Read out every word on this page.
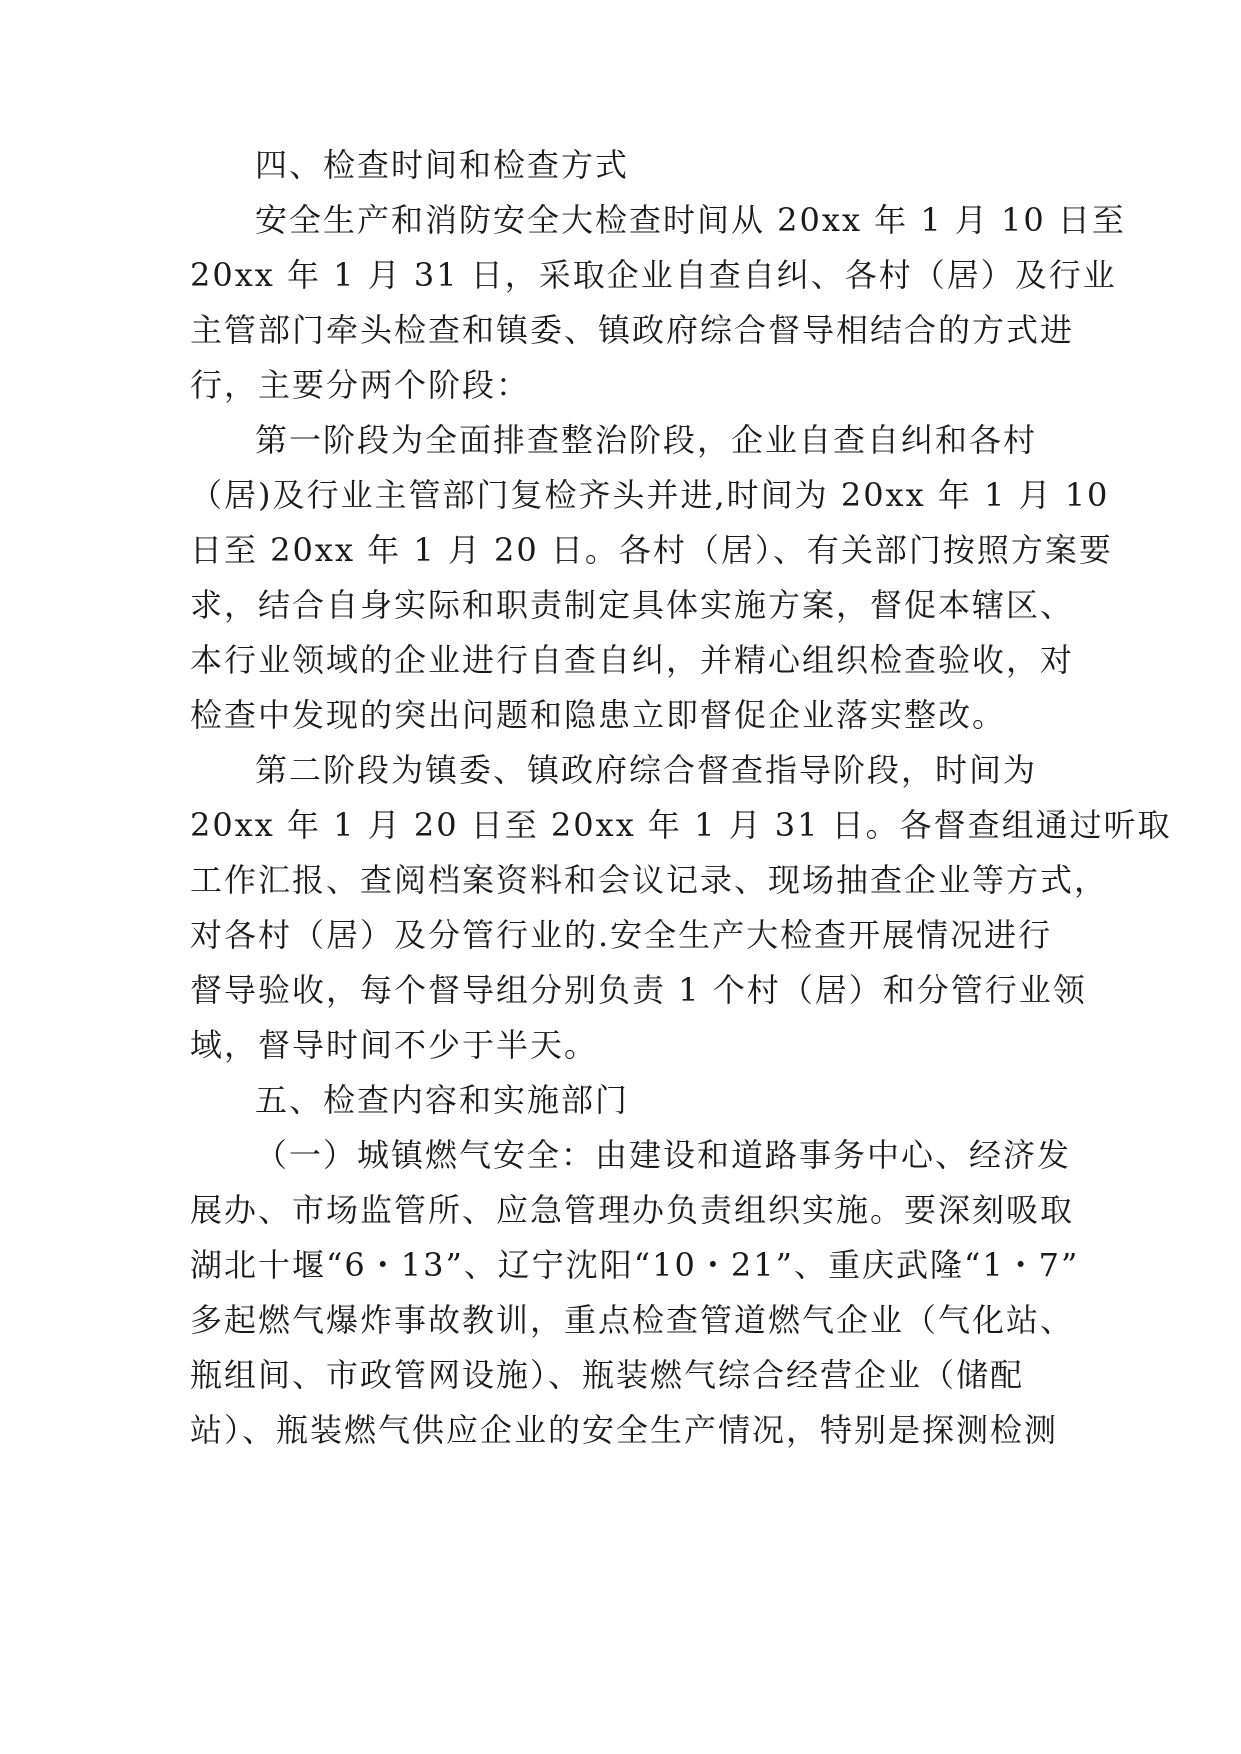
四、检查时间和检查方式
安全生产和消防安全大检查时间从 20xx 年 1 月 10 日至
20xx 年 1 月 31 日，采取企业自查自纠、各村（居）及行业
主管部门牵头检查和镇委、镇政府综合督导相结合的方式进
行，主要分两个阶段：
第一阶段为全面排查整治阶段，企业自查自纠和各村
（居)及行业主管部门复检齐头并进,时间为 20xx 年 1 月 10
日至 20xx 年 1 月 20 日。各村（居）、有关部门按照方案要
求，结合自身实际和职责制定具体实施方案，督促本辖区、
本行业领域的企业进行自查自纠，并精心组织检查验收，对
检查中发现的突出问题和隐患立即督促企业落实整改。
第二阶段为镇委、镇政府综合督查指导阶段，时间为
20xx 年 1 月 20 日至 20xx 年 1 月 31 日。各督查组通过听取
工作汇报、查阅档案资料和会议记录、现场抽查企业等方式，
对各村（居）及分管行业的.安全生产大检查开展情况进行
督导验收，每个督导组分别负责 1 个村（居）和分管行业领
域，督导时间不少于半天。
五、检查内容和实施部门
（一）城镇燃气安全：由建设和道路事务中心、经济发
展办、市场监管所、应急管理办负责组织实施。要深刻吸取
湖北十堰“6・13”、辽宁沈阳“10・21”、重庆武隆“1・7”
多起燃气爆炸事故教训，重点检查管道燃气企业（气化站、
瓶组间、市政管网设施）、瓶装燃气综合经营企业（储配
站）、瓶装燃气供应企业的安全生产情况，特别是探测检测
